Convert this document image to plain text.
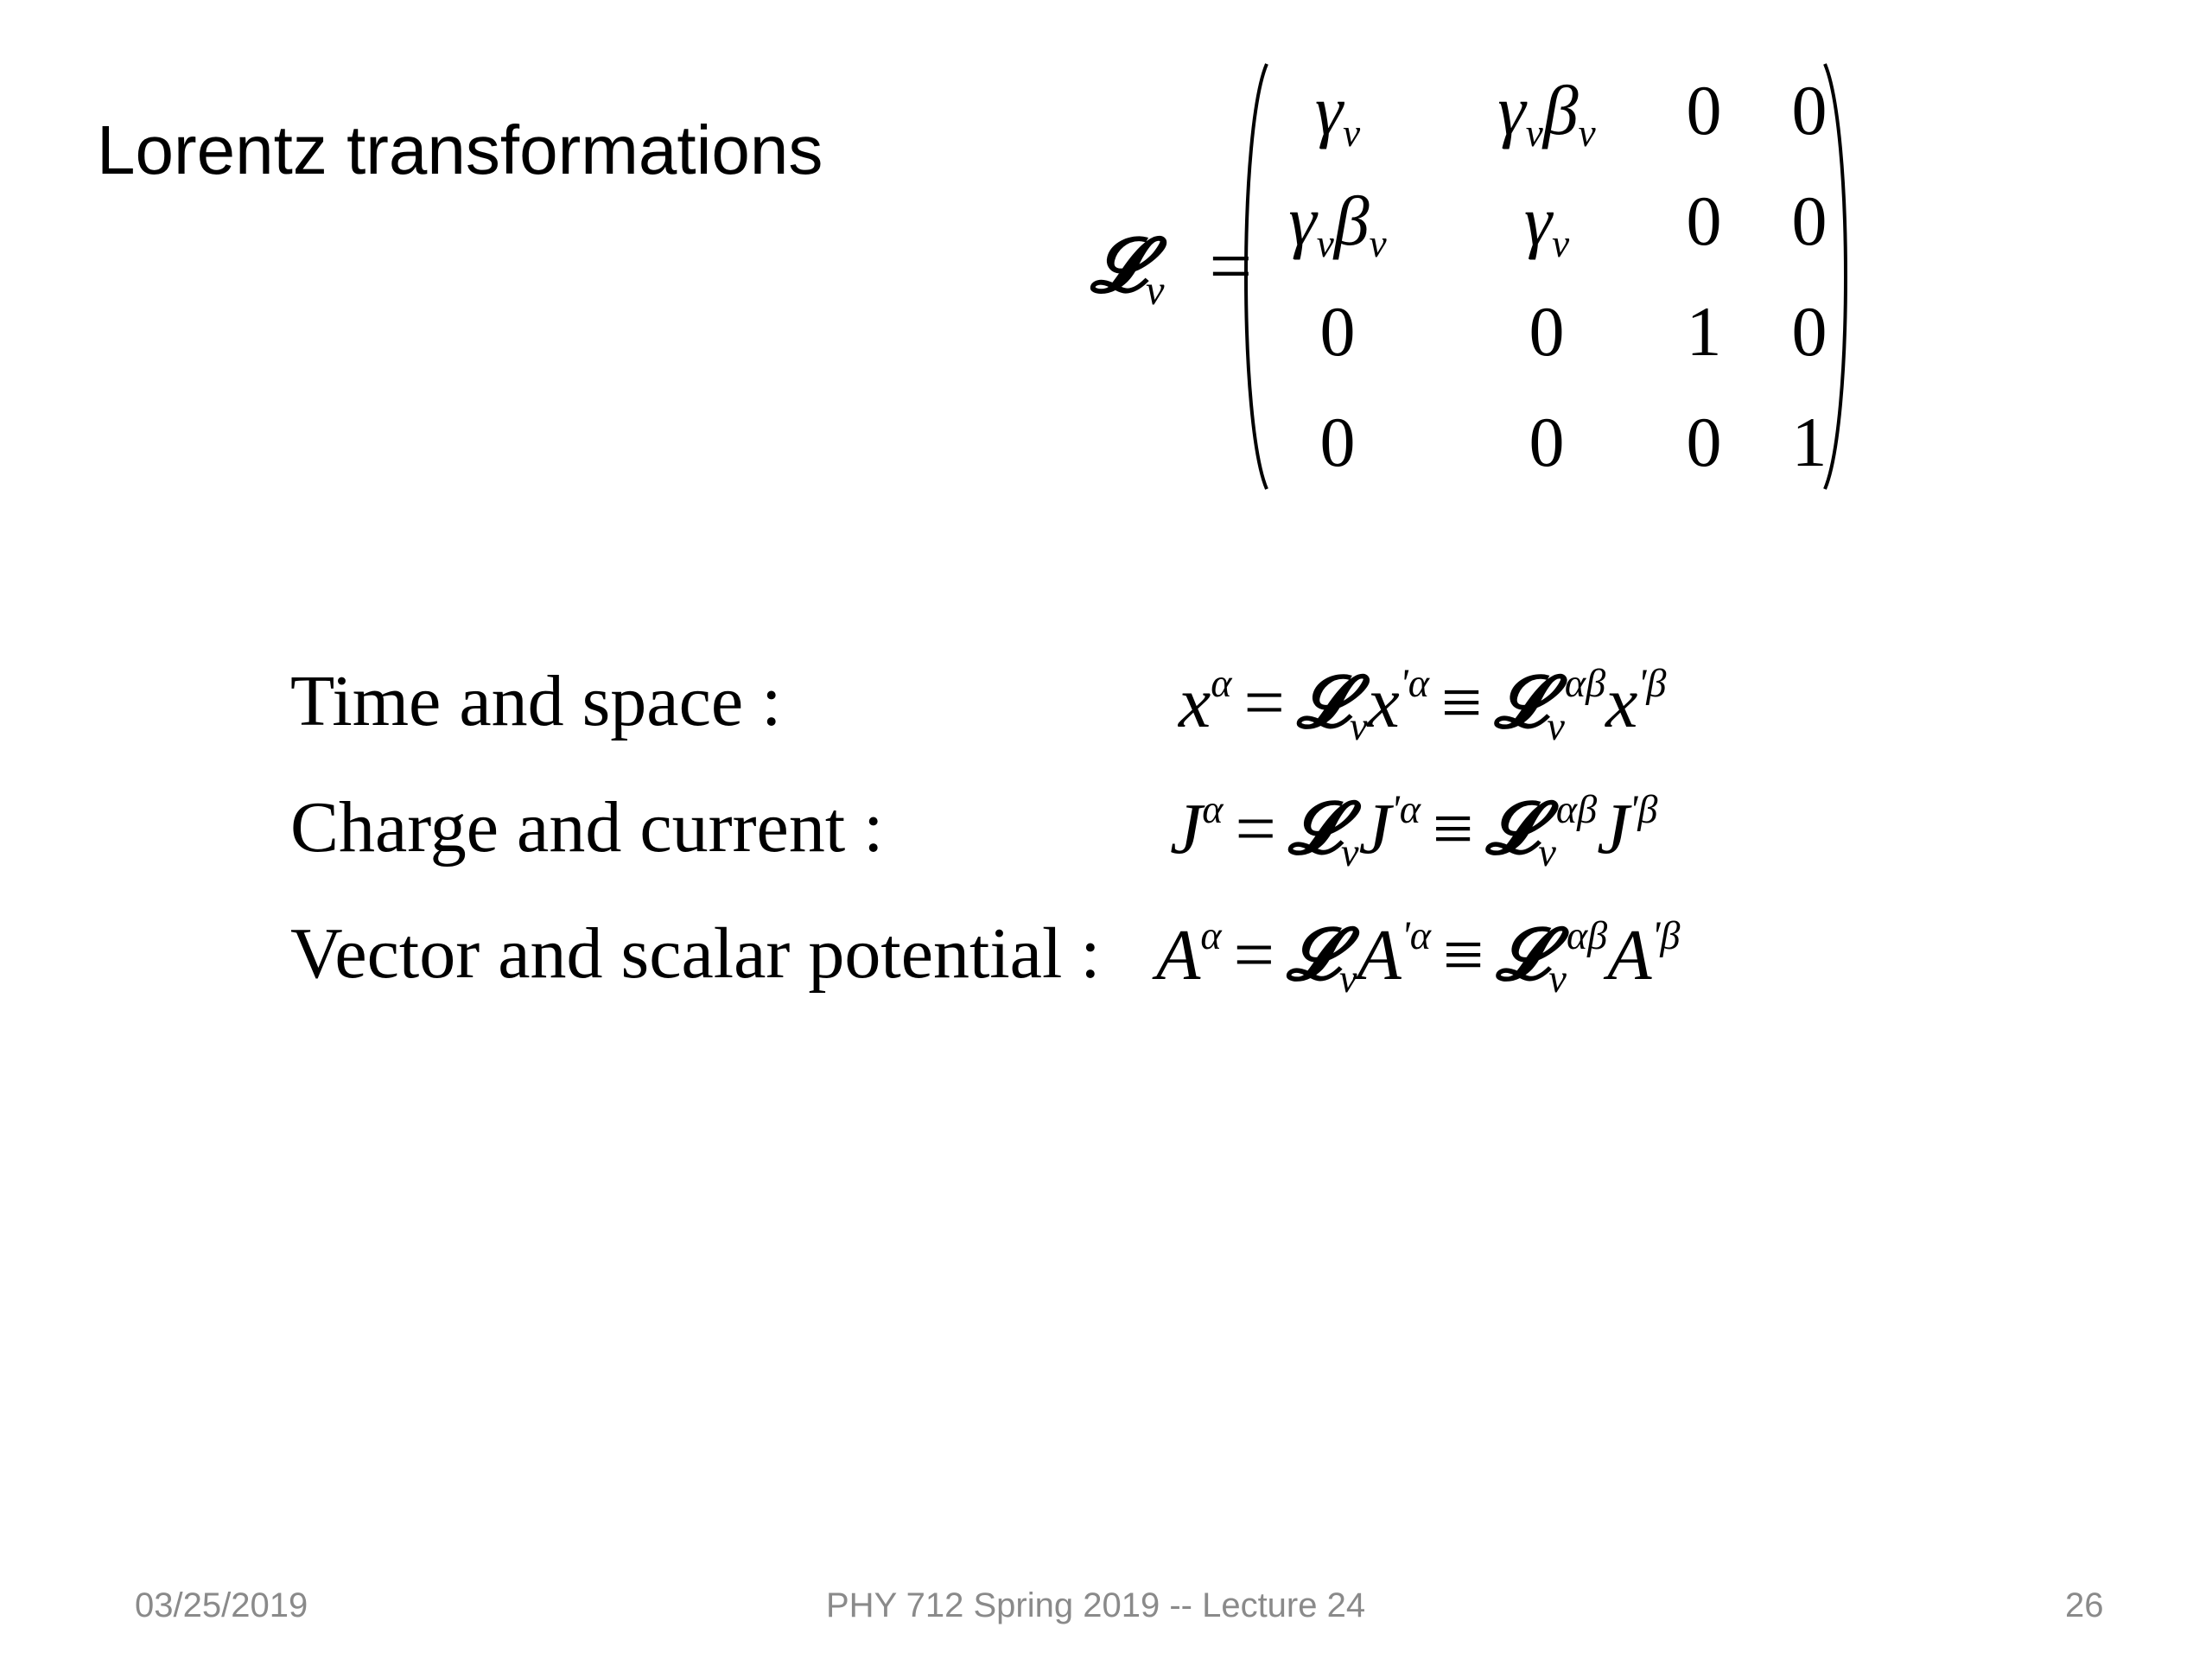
Lorentz transformations
𝓛v =
γv γvβv 0 0
γvβv γv 0 0
0 0 1 0
0 0 0 1
Time and space :	$x^\alpha$ = 𝓛vx$^{'\alpha}$ ≡ $𝓛v^{\alpha\beta}x^{'\beta}$
Charge and current :	$J^\alpha$ = 𝓛vJ$^{'\alpha}$ ≡ $𝓛v^{\alpha\beta}J^{'\beta}$
Vector and scalar potential : $A^\alpha$ = 𝓛vA$^{'\alpha}$ ≡ $𝓛v^{\alpha\beta}A^{'\beta}$
03/25/2019	PHY 712 Spring 2019 -- Lecture 24	26
